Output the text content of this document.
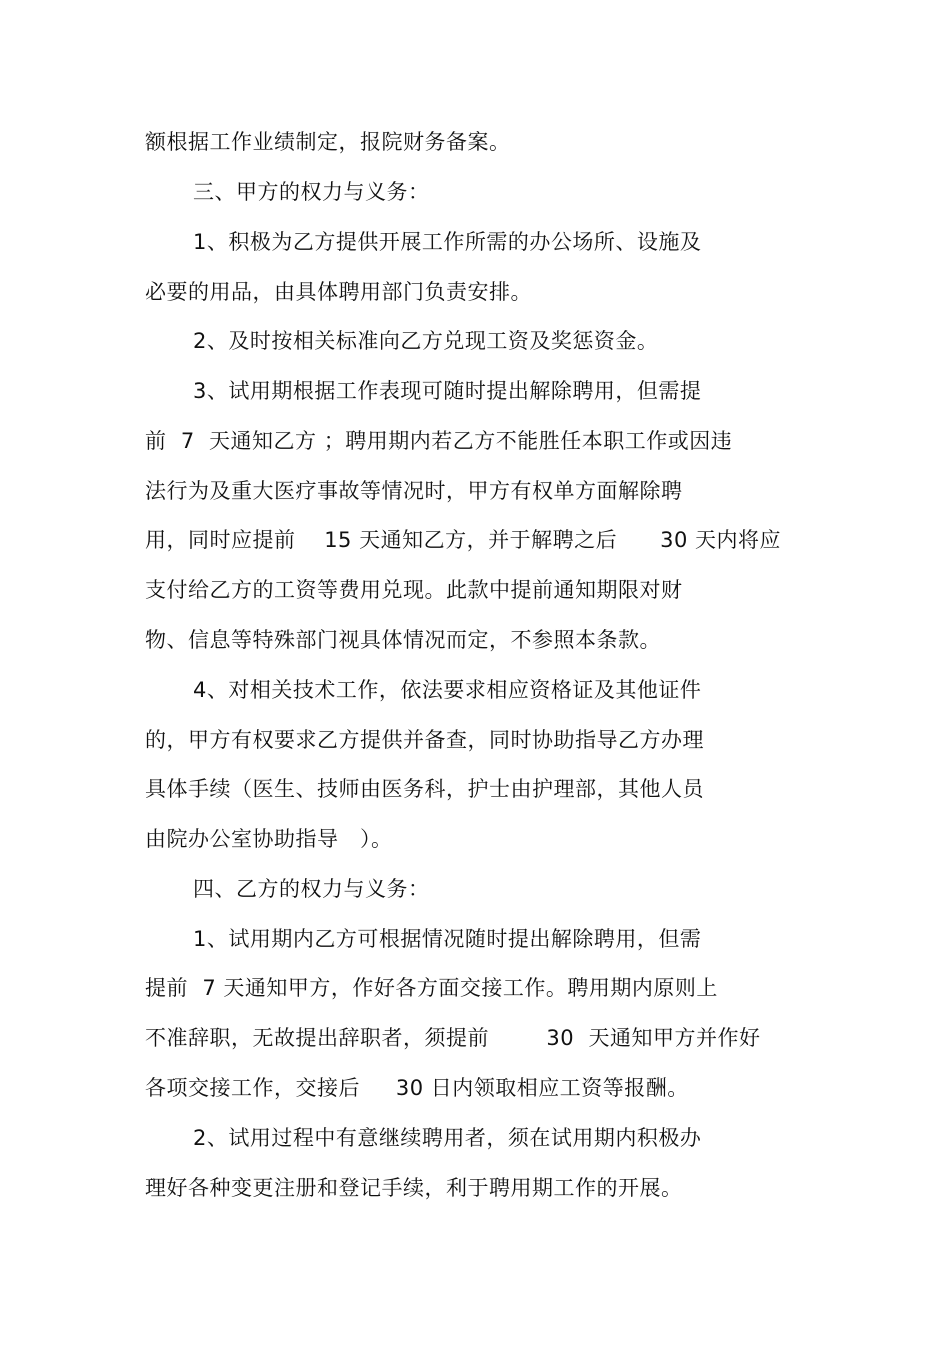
额根据工作业绩制定，报院财务备案。
三、甲方的权力与义务：
1、积极为乙方提供开展工作所需的办公场所、设施及
必要的用品，由具体聘用部门负责安排。
2、及时按相关标准向乙方兑现工资及奖惩资金。
3、试用期根据工作表现可随时提出解除聘用，但需提
前  7  天通知乙方 ；聘用期内若乙方不能胜任本职工作或因违
法行为及重大医疗事故等情况时，甲方有权单方面解除聘
用，同时应提前    15 天通知乙方，并于解聘之后      30 天内将应
支付给乙方的工资等费用兑现。此款中提前通知期限对财
物、信息等特殊部门视具体情况而定，不参照本条款。
4、对相关技术工作，依法要求相应资格证及其他证件
的，甲方有权要求乙方提供并备查，同时协助指导乙方办理
具体手续（医生、技师由医务科，护士由护理部，其他人员
由院办公室协助指导   ）。
四、乙方的权力与义务：
1、试用期内乙方可根据情况随时提出解除聘用，但需
提前  7 天通知甲方，作好各方面交接工作。聘用期内原则上
不准辞职，无故提出辞职者，须提前        30  天通知甲方并作好
各项交接工作，交接后     30 日内领取相应工资等报酬。
2、试用过程中有意继续聘用者，须在试用期内积极办
理好各种变更注册和登记手续，利于聘用期工作的开展。
